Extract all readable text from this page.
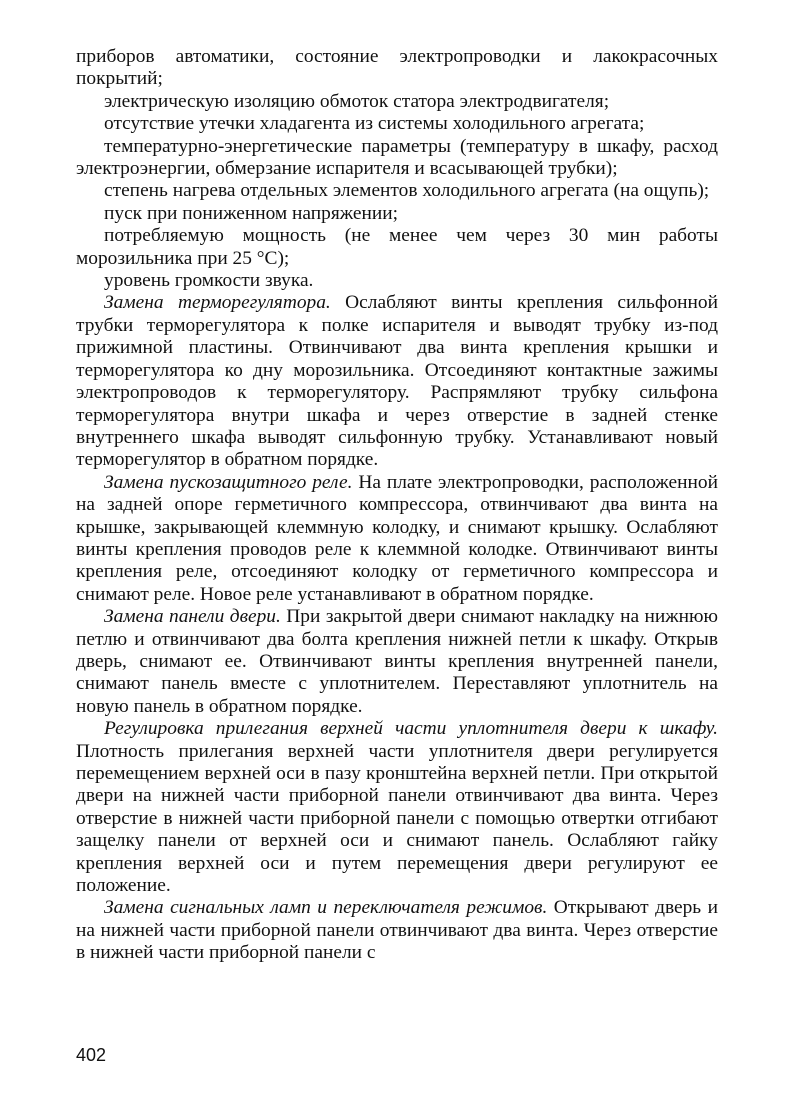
приборов автоматики, состояние электропроводки и лакокрасочных покрытий;

электрическую изоляцию обмоток статора электродвигателя;

отсутствие утечки хладагента из системы холодильного агрегата;

температурно-энергетические параметры (температуру в шкафу, расход электроэнергии, обмерзание испарителя и всасывающей трубки);

степень нагрева отдельных элементов холодильного агрегата (на ощупь);

пуск при пониженном напряжении;

потребляемую мощность (не менее чем через 30 мин работы морозильника при 25 °С);

уровень громкости звука.

Замена терморегулятора. Ослабляют винты крепления сильфонной трубки терморегулятора к полке испарителя и выводят трубку из-под прижимной пластины. Отвинчивают два винта крепления крышки и терморегулятора ко дну морозильника. Отсоединяют контактные зажимы электропроводов к терморегулятору. Распрямляют трубку сильфона терморегулятора внутри шкафа и через отверстие в задней стенке внутреннего шкафа выводят сильфонную трубку. Устанавливают новый терморегулятор в обратном порядке.

Замена пускозащитного реле. На плате электропроводки, расположенной на задней опоре герметичного компрессора, отвинчивают два винта на крышке, закрывающей клеммную колодку, и снимают крышку. Ослабляют винты крепления проводов реле к клеммной колодке. Отвинчивают винты крепления реле, отсоединяют колодку от герметичного компрессора и снимают реле. Новое реле устанавливают в обратном порядке.

Замена панели двери. При закрытой двери снимают накладку на нижнюю петлю и отвинчивают два болта крепления нижней петли к шкафу. Открыв дверь, снимают ее. Отвинчивают винты крепления внутренней панели, снимают панель вместе с уплотнителем. Переставляют уплотнитель на новую панель в обратном порядке.

Регулировка прилегания верхней части уплотнителя двери к шкафу. Плотность прилегания верхней части уплотнителя двери регулируется перемещением верхней оси в пазу кронштейна верхней петли. При открытой двери на нижней части приборной панели отвинчивают два винта. Через отверстие в нижней части приборной панели с помощью отвертки отгибают защелку панели от верхней оси и снимают панель. Ослабляют гайку крепления верхней оси и путем перемещения двери регулируют ее положение.

Замена сигнальных ламп и переключателя режимов. Открывают дверь и на нижней части приборной панели отвинчивают два винта. Через отверстие в нижней части приборной панели с

402
